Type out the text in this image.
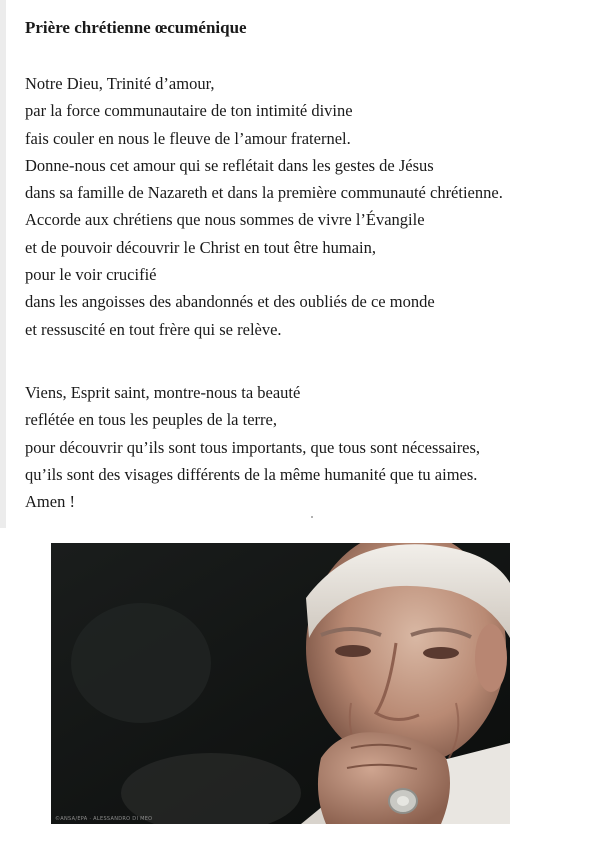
Prière chrétienne œcuménique
Notre Dieu, Trinité d’amour,
par la force communautaire de ton intimité divine
fais couler en nous le fleuve de l’amour fraternel.
Donne-nous cet amour qui se reflétait dans les gestes de Jésus
dans sa famille de Nazareth et dans la première communauté chrétienne.
Accorde aux chrétiens que nous sommes de vivre l’Évangile
et de pouvoir découvrir le Christ en tout être humain,
pour le voir crucifié
dans les angoisses des abandonnés et des oubliés de ce monde
et ressuscité en tout frère qui se relève.
Viens, Esprit saint, montre-nous ta beauté
reflétée en tous les peuples de la terre,
pour découvrir qu’ils sont tous importants, que tous sont nécessaires,
qu’ils sont des visages différents de la même humanité que tu aimes.
Amen !
©ANSA/EPA · ALESSANDRO DI MEO
